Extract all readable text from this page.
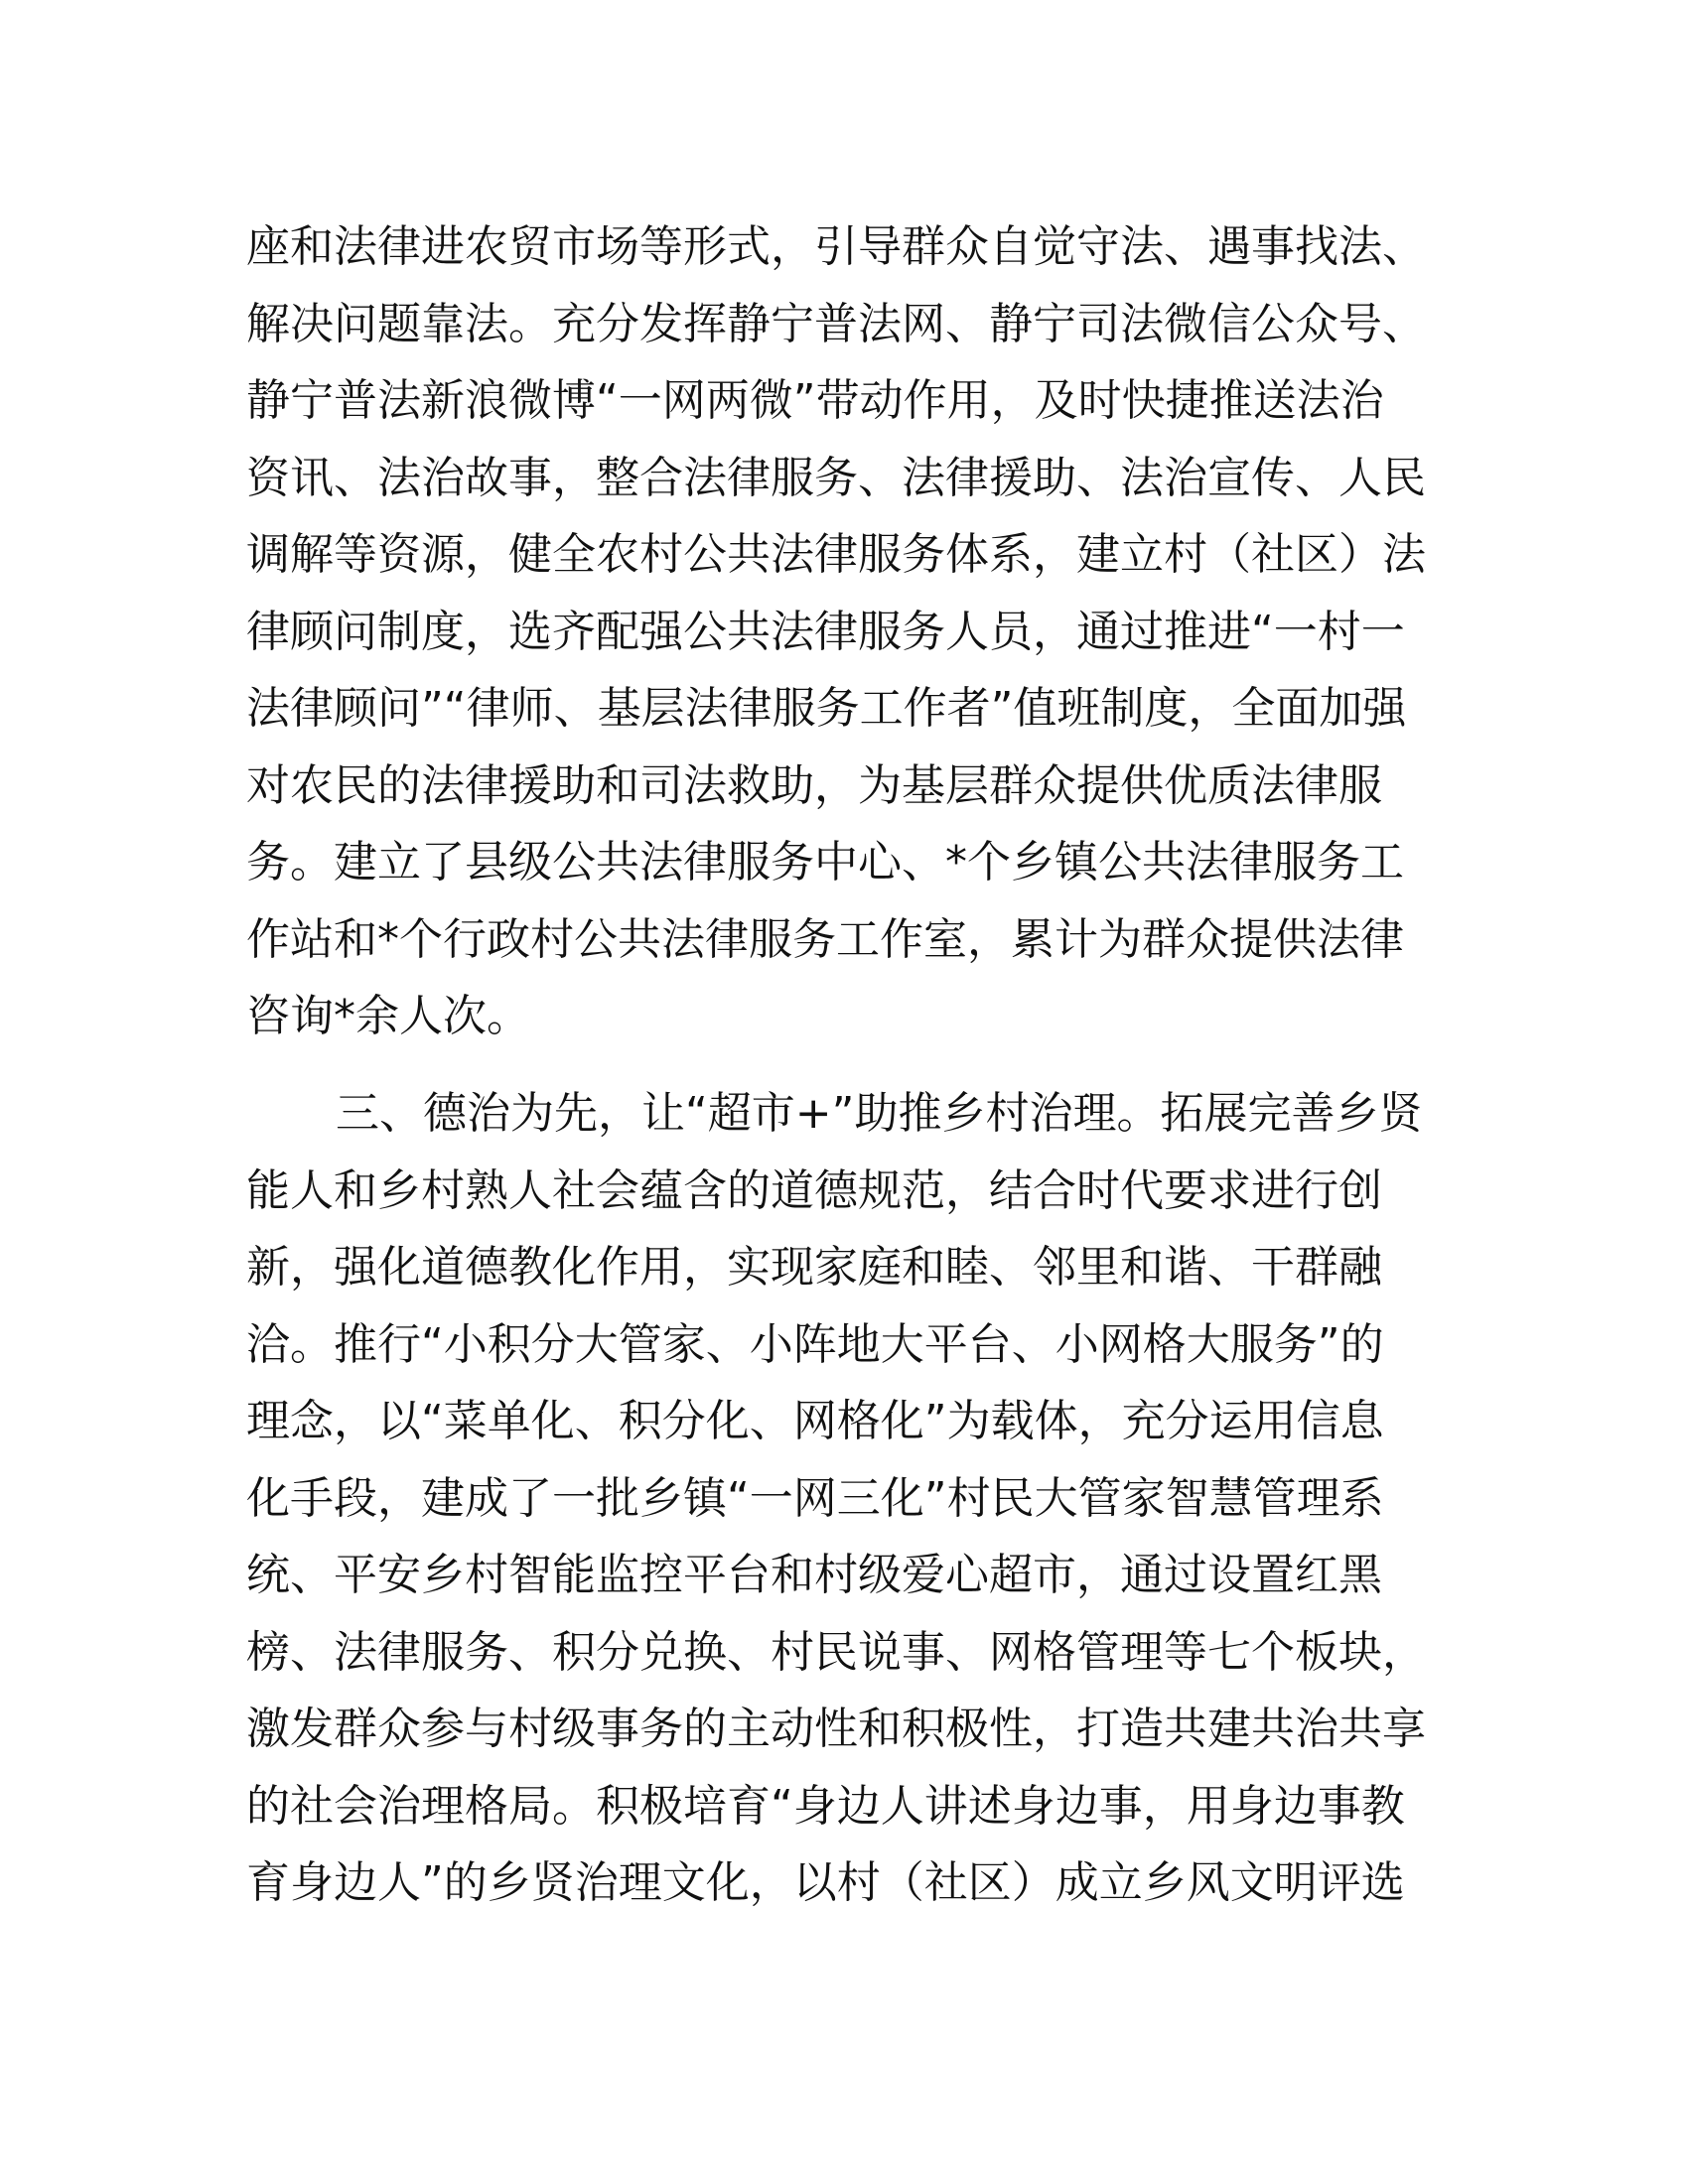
座和法律进农贸市场等形式，引导群众自觉守法、遇事找法、
解决问题靠法。充分发挥静宁普法网、静宁司法微信公众号、
静宁普法新浪微博“一网两微”带动作用，及时快捷推送法治
资讯、法治故事，整合法律服务、法律援助、法治宣传、人民
调解等资源，健全农村公共法律服务体系，建立村（社区）法
律顾问制度，选齐配强公共法律服务人员，通过推进“一村一
法律顾问”“律师、基层法律服务工作者”值班制度，全面加强
对农民的法律援助和司法救助，为基层群众提供优质法律服
务。建立了县级公共法律服务中心、*个乡镇公共法律服务工
作站和*个行政村公共法律服务工作室，累计为群众提供法律
咨询*余人次。
三、德治为先，让“超市+”助推乡村治理。拓展完善乡贤
能人和乡村熟人社会蕴含的道德规范，结合时代要求进行创
新，强化道德教化作用，实现家庭和睦、邻里和谐、干群融
洽。推行“小积分大管家、小阵地大平台、小网格大服务”的
理念，以“菜单化、积分化、网格化”为载体，充分运用信息
化手段，建成了一批乡镇“一网三化”村民大管家智慧管理系
统、平安乡村智能监控平台和村级爱心超市，通过设置红黑
榜、法律服务、积分兑换、村民说事、网格管理等七个板块，
激发群众参与村级事务的主动性和积极性，打造共建共治共享
的社会治理格局。积极培育“身边人讲述身边事，用身边事教
育身边人”的乡贤治理文化，以村（社区）成立乡风文明评选
